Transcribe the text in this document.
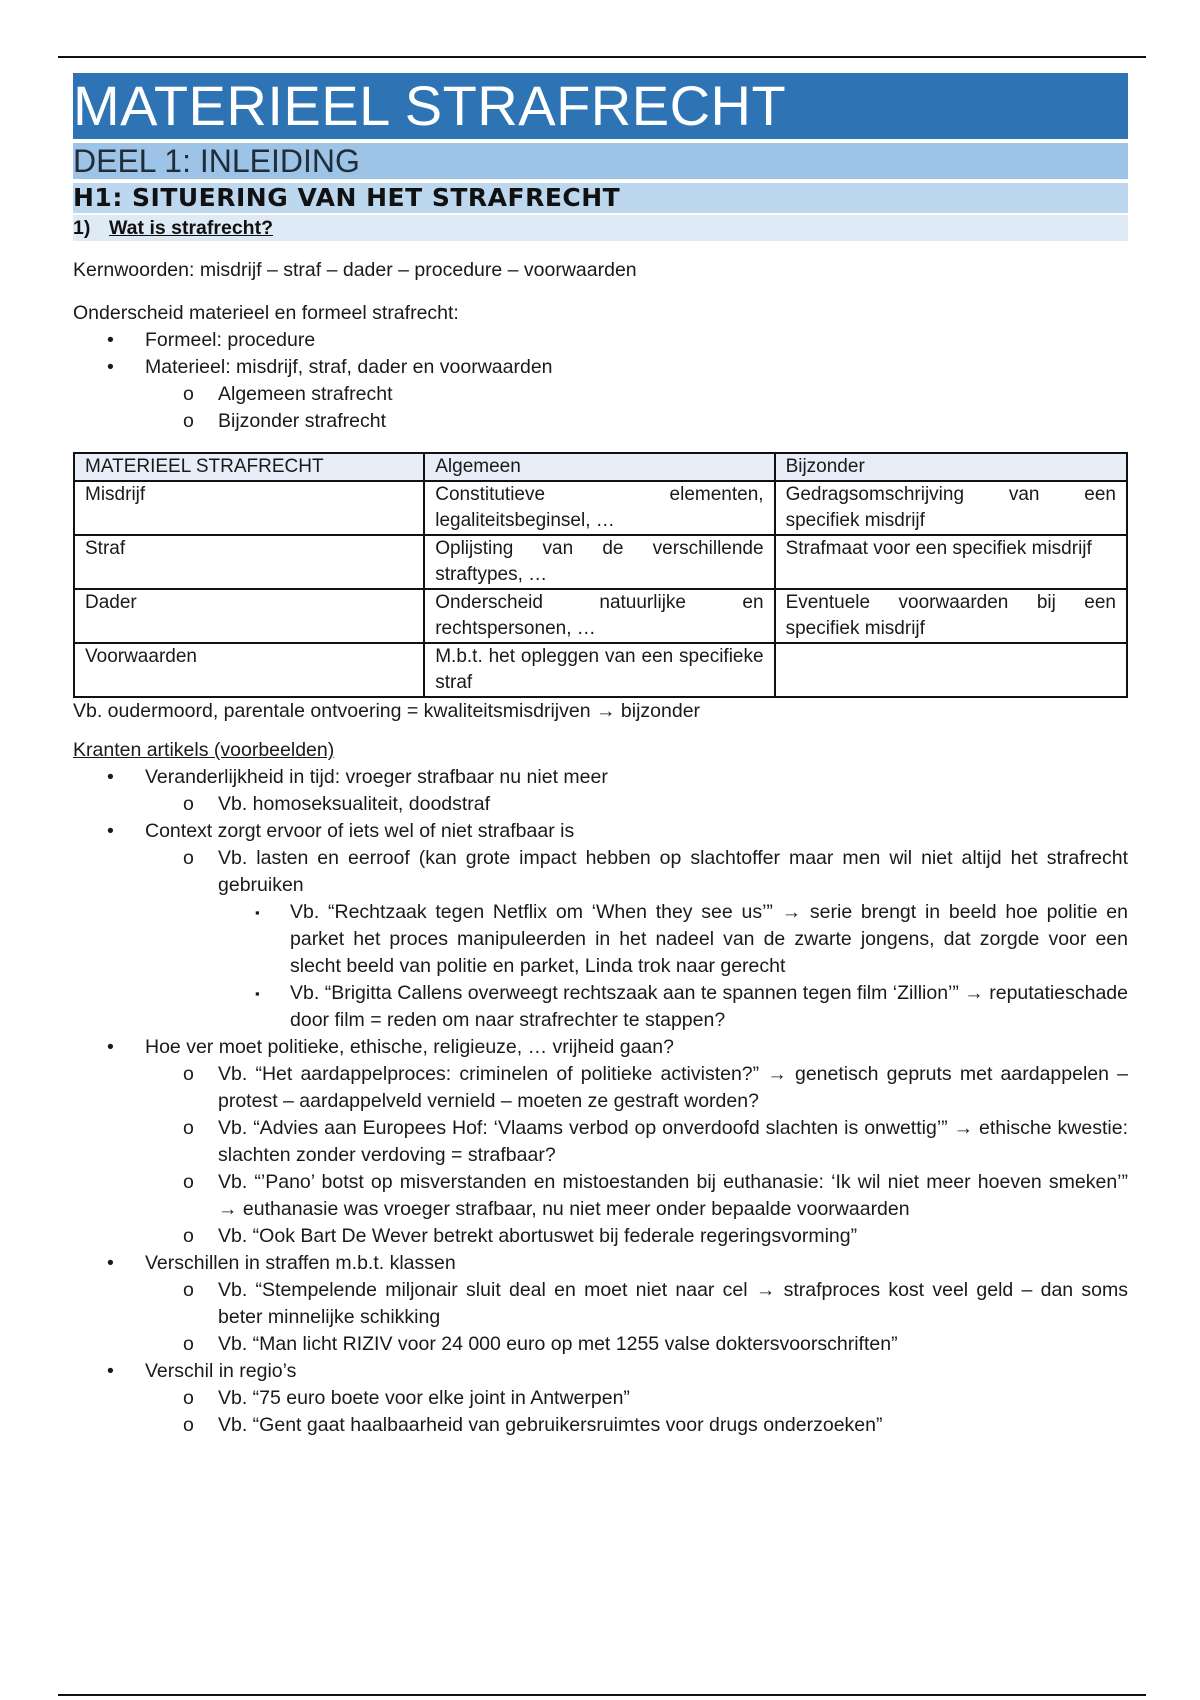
MATERIEEL STRAFRECHT
DEEL 1: INLEIDING
H1: SITUERING VAN HET STRAFRECHT
1) Wat is strafrecht?

Kernwoorden: misdrijf – straf – dader – procedure – voorwaarden

Onderscheid materieel en formeel strafrecht:

• Formeel: procedure
• Materieel: misdrijf, straf, dader en voorwaarden
o Algemeen strafrecht
o Bijzonder strafrecht
MATERIEEL STRAFRECHT	Algemeen	Bijzonder
Misdrijf	Constitutieve elementen, legaliteitsbeginsel, …	Gedragsomschrijving van een specifiek misdrijf
Straf	Oplijsting van de verschillende straftypes, …	Strafmaat voor een specifiek misdrijf
Dader	Onderscheid natuurlijke en rechtspersonen, …	Eventuele voorwaarden bij een specifiek misdrijf
Voorwaarden	M.b.t. het opleggen van een specifieke straf	

Vb. oudermoord, parentale ontvoering = kwaliteitsmisdrijven → bijzonder

Kranten artikels (voorbeelden)

• Veranderlijkheid in tijd: vroeger strafbaar nu niet meer
o Vb. homoseksualiteit, doodstraf
• Context zorgt ervoor of iets wel of niet strafbaar is
o Vb. lasten en eerroof (kan grote impact hebben op slachtoffer maar men wil niet altijd het strafrecht gebruiken
▪ Vb. “Rechtzaak tegen Netflix om ‘When they see us’” → serie brengt in beeld hoe politie en parket het proces manipuleerden in het nadeel van de zwarte jongens, dat zorgde voor een slecht beeld van politie en parket, Linda trok naar gerecht
▪ Vb. “Brigitta Callens overweegt rechtszaak aan te spannen tegen film ‘Zillion’” → reputatieschade door film = reden om naar strafrechter te stappen?
• Hoe ver moet politieke, ethische, religieuze, … vrijheid gaan?
o Vb. “Het aardappelproces: criminelen of politieke activisten?” → genetisch gepruts met aardappelen – protest – aardappelveld vernield – moeten ze gestraft worden?
o Vb. “Advies aan Europees Hof: ‘Vlaams verbod op onverdoofd slachten is onwettig’” → ethische kwestie: slachten zonder verdoving = strafbaar?
o Vb. “’Pano’ botst op misverstanden en mistoestanden bij euthanasie: ‘Ik wil niet meer hoeven smeken’” → euthanasie was vroeger strafbaar, nu niet meer onder bepaalde voorwaarden
o Vb. “Ook Bart De Wever betrekt abortuswet bij federale regeringsvorming”
• Verschillen in straffen m.b.t. klassen
o Vb. “Stempelende miljonair sluit deal en moet niet naar cel → strafproces kost veel geld – dan soms beter minnelijke schikking
o Vb. “Man licht RIZIV voor 24 000 euro op met 1255 valse doktersvoorschriften”
• Verschil in regio’s
o Vb. “75 euro boete voor elke joint in Antwerpen”
o Vb. “Gent gaat haalbaarheid van gebruikersruimtes voor drugs onderzoeken”
